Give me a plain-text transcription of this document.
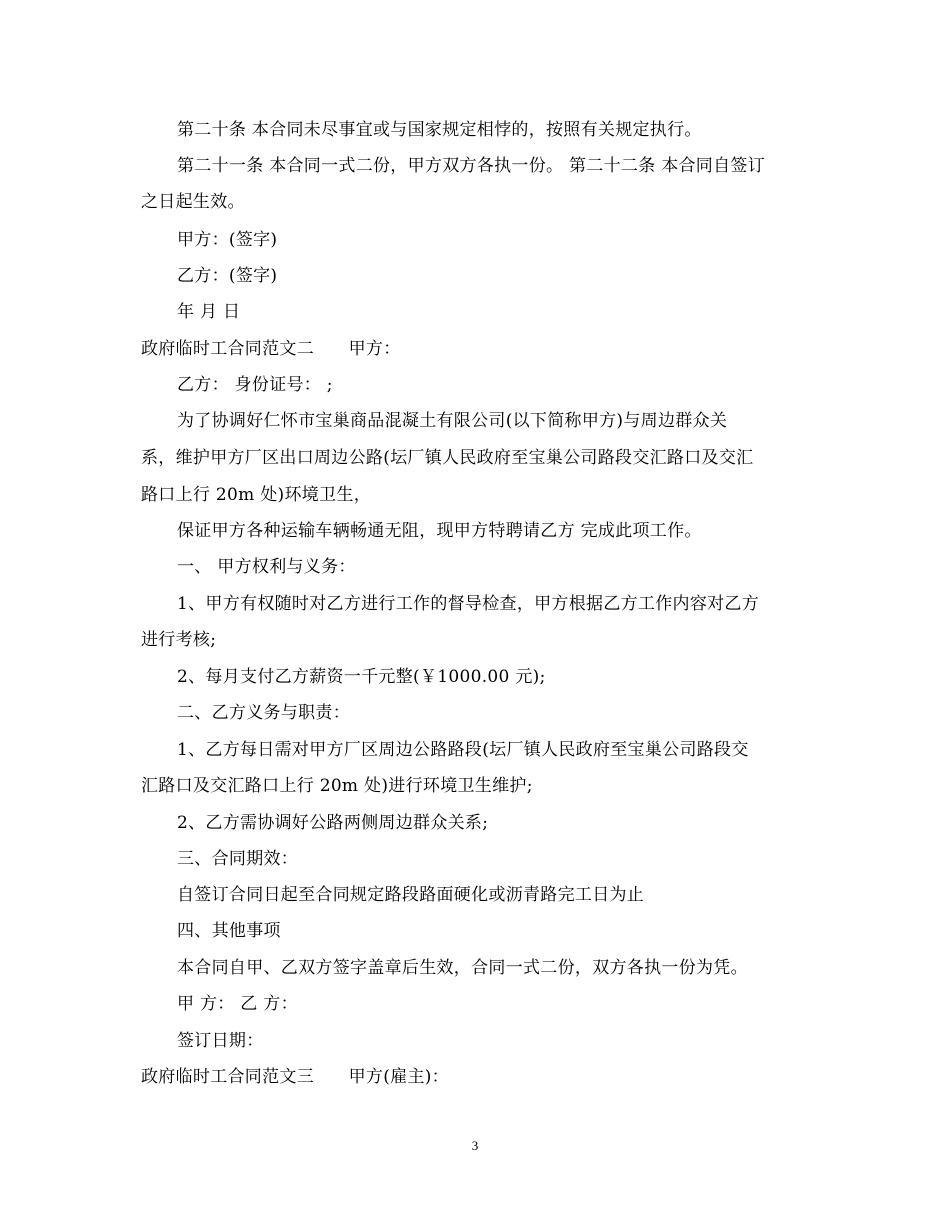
第二十条 本合同未尽事宜或与国家规定相悖的，按照有关规定执行。
第二十一条 本合同一式二份，甲方双方各执一份。 第二十二条 本合同自签订
之日起生效。
甲方：(签字)
乙方：(签字)
年 月 日
政府临时工合同范文二　　甲方：
乙方： 身份证号： ;
为了协调好仁怀市宝巢商品混凝土有限公司(以下简称甲方)与周边群众关
系，维护甲方厂区出口周边公路(坛厂镇人民政府至宝巢公司路段交汇路口及交汇
路口上行 20m 处)环境卫生，
保证甲方各种运输车辆畅通无阻，现甲方特聘请乙方 完成此项工作。
一、 甲方权利与义务：
1、甲方有权随时对乙方进行工作的督导检查，甲方根据乙方工作内容对乙方
进行考核;
2、每月支付乙方薪资一千元整(￥1000.00 元);
二、乙方义务与职责：
1、乙方每日需对甲方厂区周边公路路段(坛厂镇人民政府至宝巢公司路段交
汇路口及交汇路口上行 20m 处)进行环境卫生维护;
2、乙方需协调好公路两侧周边群众关系;
三、合同期效：
自签订合同日起至合同规定路段路面硬化或沥青路完工日为止
四、其他事项
本合同自甲、乙双方签字盖章后生效，合同一式二份，双方各执一份为凭。
甲 方： 乙 方：
签订日期：
政府临时工合同范文三　　甲方(雇主)：
3
